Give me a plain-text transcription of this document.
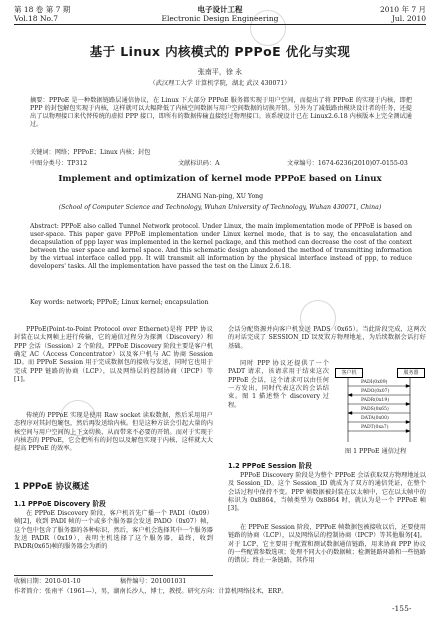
第 18 卷 第 7 期
Vol.18 No.7
电子设计工程
Electronic Design Engineering
2010 年 7 月
Jul. 2010
基于 Linux 内核模式的 PPPoE 优化与实现
张南平，徐 永
（武汉理工大学 计算机学院，湖北 武汉 430071）
摘要：PPPoE 是一种数据链路层通信协议，在 Linux 下大部分 PPPoE 服务都实现于用户空间，而提出了将 PPPoE 的实现于内核，即把 PPP 的封包解包实现于内核，这样就可以大幅降低了内核空间数据与用户空间数据的切换开销。另外为了减低路由模块设计者的任务，还提出了以物理接口来代替传统的虚拟 PPP 接口，即所有的数据传输直接经过物理接口。该系统设计已在 Linux2.6.18 内核版本上完全测试通过。
关键词：网络；PPPoE；Linux 内核；封包
中图分类号：TP312	文献标识码：A	文章编号：1674-6236(2010)07-0155-03
Implement and optimization of kernel mode PPPoE based on Linux
ZHANG Nan-ping, XU Yong
(School of Computer Science and Technology, Wuhan University of Technology, Wuhan 430071, China)
Abstract: PPPoE also called Tunnel Network protocol. Under Linux, the main implementation mode of PPPoE is based on user-space. This paper gave PPPoE implementation under Linux kernel mode, that is to say, the encasulatation and decapsulation of ppp layer was implemented in the kernel package, and this method can decrease the cost of the context between the user space and kernel space. And this schematic design abandoned the method of transmitting information by the virtual interface called ppp. It will transmit all information by the physical interface instead of ppp, to reduce developers' tasks. All the implementation have passed the test on the Linux 2.6.18.
Key words: network; PPPoE; Linux kernel; encapsulation
PPPoE(Point-to-Point Protocol over Ethernet)是将 PPP 协议封装在以太网帧上进行传输，它的通信过程分为探测（Discovery）和 PPP 会话（Session）2 个阶段。PPPoE Discovery 阶段主要是客户机确定 AC（Access Concentrator）以及客户机与 AC 协商 Session ID。而 PPPoE Session 用于完成数据包的接收与发送，同时它也用于完成 PPP 链路的协商（LCP），以及网络层的控制协商（IPCP）等[1]。
传统的 PPPoE 实现是使用 Raw socket 读取数据，然后采用用户态程序对其封包解包，然后再发送给内核。但是这种方法会引起大量的内核空间与用户空间的上下文切换，从而带来不必要的开销。而对于实现于内核态的 PPPoE，它会把所有的封包以及解包实现于内核，这样就大大提高 PPPoE 的效率。
1 PPPoE 协议概述
1.1 PPPoE Discovery 阶段
在 PPPoE Discovery 阶段，客户机首先广播一个 PADI（0x09）帧[2]，收到 PADI 帧的一个或多个服务器会发送 PADO（0x07）帧，这个包中包含了服务器的各种标识，然后，客户机会选择其中一个服务器发送 PADR（0x19），表明主机选择了这个服务器，最终，收到 PADR(0x65)帧的服务器会为新的
收稿日期：2010-01-10	稿件编号：201001031
作者简介：张南平（1961—），男，湖南长沙人，博士，教授。研究方向：计算机网络技术，ERP。
会话分配资源并向客户机发送 PADS（0x65）。当此阶段完成，这两次的对话完成了 SESSION_ID 以及双方物理地址，为后续数据会话打好基础。
同时 PPP 协议还提供了一个 PADT 请求，该请求用于结束这次 PPPoE 会话，这个请求可以由任何一方发出，同时代表这次的会话结束。图 1 描述整个 discovery 过程。
客户机	服务器
PADI(0x09)
PADO(0x07)
PADR(0x19)
PADS(0x65)
DATA(0x00)
PADT(0xa7)
图 1 PPPoE 通信过程
1.2 PPPoE Session 阶段
PPPoE Discovery 阶段是为整个 PPPoE 会话获取双方物理地址以及 Session_ID。这个 Session_ID 就成为了双方的通信凭证，在整个会话过程中保持不变。PPP 帧数据被封装在以太帧中，它在以太帧中的标识为 0x8864，当帧类型为 0x8864 时，就认为是一个 PPPoE 帧[3]。
在 PPPoE Session 阶段，PPPoE 帧数据包被接收以后，还要使用链路的协商（LCP），以及网络层的控制协商（IPCP）等其他服务[4]。对于 LCP，它主要用于配置和测试数据通信链路，用来协商 PPP 协议的一些配置参数选项；处理不同大小的数据帧；检测链路环路和一些链路的错误；终止一条链路，其作用
-155-
